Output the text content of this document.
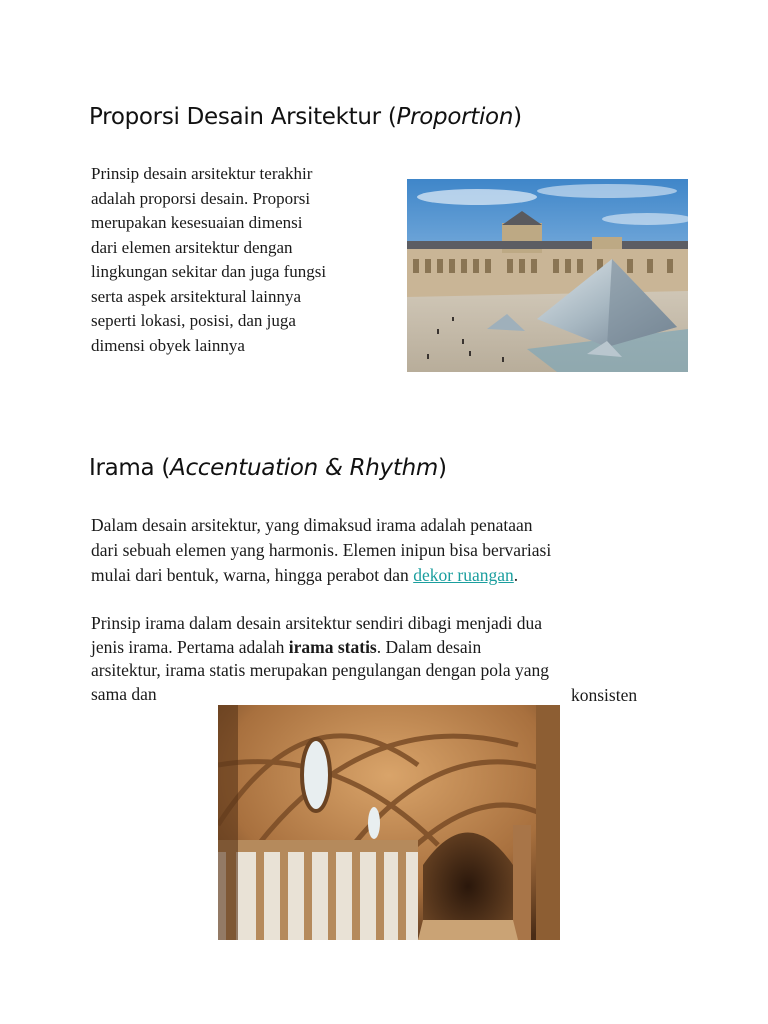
Proporsi Desain Arsitektur (Proportion)

Prinsip desain arsitektur terakhir
adalah proporsi desain. Proporsi
merupakan kesesuaian dimensi
dari elemen arsitektur dengan
lingkungan sekitar dan juga fungsi
serta aspek arsitektural lainnya
seperti lokasi, posisi, dan juga
dimensi obyek lainnya

Irama (Accentuation & Rhythm)

Dalam desain arsitektur, yang dimaksud irama adalah penataan
dari sebuah elemen yang harmonis. Elemen inipun bisa bervariasi
mulai dari bentuk, warna, hingga perabot dan dekor ruangan.

Prinsip irama dalam desain arsitektur sendiri dibagi menjadi dua
jenis irama. Pertama adalah irama statis. Dalam desain
arsitektur, irama statis merupakan pengulangan dengan pola yang
sama dan	konsisten
